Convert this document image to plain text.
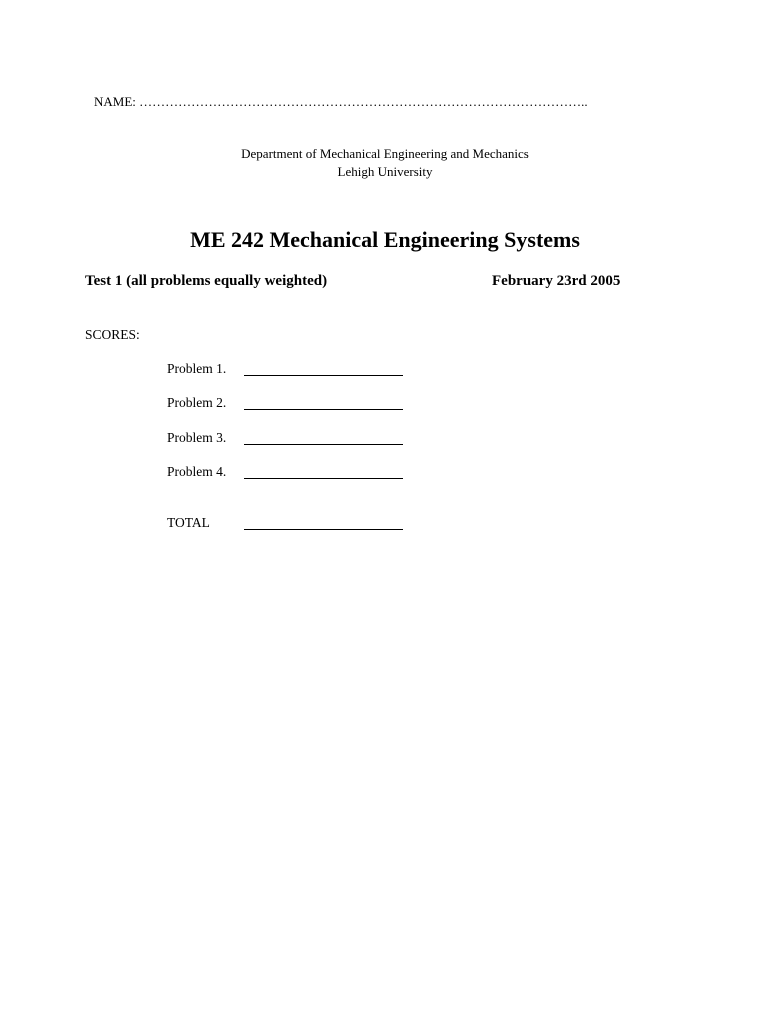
NAME: …………………………………………………………………………………………..
Department of Mechanical Engineering and Mechanics
Lehigh University
ME 242 Mechanical Engineering Systems
Test 1 (all problems equally weighted)	February 23rd 2005
SCORES:
Problem 1.
Problem 2.
Problem 3.
Problem 4.
TOTAL
